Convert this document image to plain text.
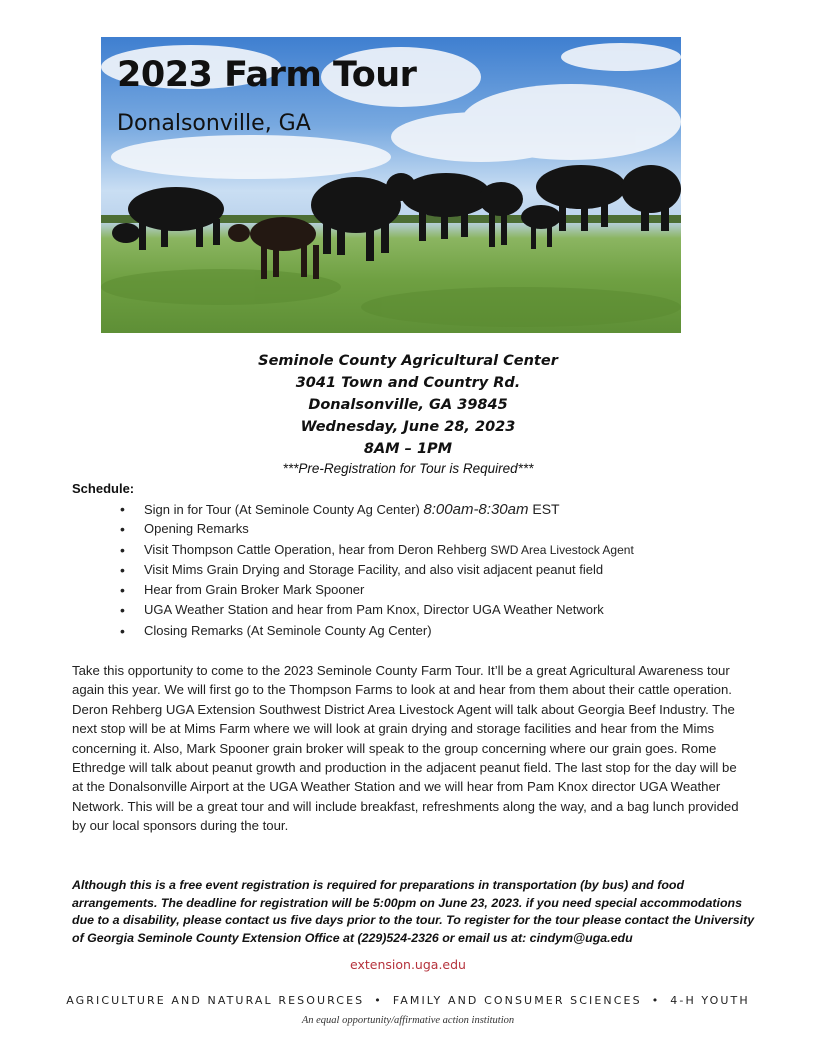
2023 Farm Tour
Donalsonville, GA
Seminole County Agricultural Center
3041 Town and Country Rd.
Donalsonville, GA 39845
Wednesday, June 28, 2023
8AM – 1PM
***Pre-Registration for Tour is Required***
Schedule:
• Sign in for Tour (At Seminole County Ag Center) 8:00am-8:30am EST
• Opening Remarks
• Visit Thompson Cattle Operation, hear from Deron Rehberg SWD Area Livestock Agent
• Visit Mims Grain Drying and Storage Facility, and also visit adjacent peanut field
• Hear from Grain Broker Mark Spooner
• UGA Weather Station and hear from Pam Knox, Director UGA Weather Network
• Closing Remarks (At Seminole County Ag Center)

Take this opportunity to come to the 2023 Seminole County Farm Tour. It’ll be a great Agricultural Awareness tour again this year. We will first go to the Thompson Farms to look at and hear from them about their cattle operation.

Deron Rehberg UGA Extension Southwest District Area Livestock Agent will talk about Georgia Beef Industry. The next stop will be at Mims Farm where we will look at grain drying and storage facilities and hear from the Mims concerning it. Also, Mark Spooner grain broker will speak to the group concerning where our grain goes. Rome Ethredge will talk about peanut growth and production in the adjacent peanut field. The last stop for the day will be at the Donalsonville Airport at the UGA Weather Station and we will hear from Pam Knox director UGA Weather Network. This will be a great tour and will include breakfast, refreshments along the way, and a bag lunch provided by our local sponsors during the tour.

Although this is a free event registration is required for preparations in transportation (by bus) and food arrangements. The deadline for registration will be 5:00pm on June 23, 2023. if you need special accommodations due to a disability, please contact us five days prior to the tour. To register for the tour please contact the University of Georgia Seminole County Extension Office at (229)524-2326 or email us at: cindym@uga.edu

extension.uga.edu
AGRICULTURE AND NATURAL RESOURCES • FAMILY AND CONSUMER SCIENCES • 4-H YOUTH
An equal opportunity/affirmative action institution
